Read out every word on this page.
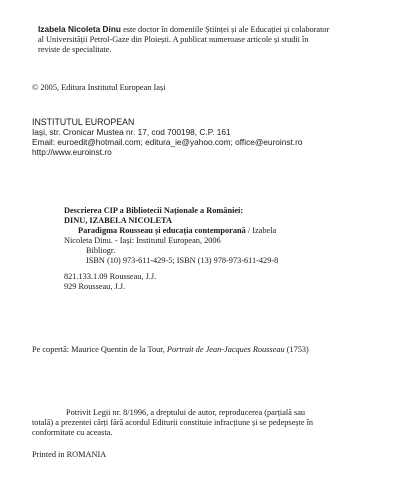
Izabela Nicoleta Dinu este doctor în domeniile Științei și ale Educației și colaborator
al Universității Petrol-Gaze din Ploiești. A publicat numeroase articole și studii în
reviste de specialitate.
© 2005, Editura Institutul European Iași
INSTITUTUL EUROPEAN
Iași, str. Cronicar Mustea nr. 17, cod 700198, C.P. 161
Email: euroedit@hotmail.com; editura_ie@yahoo.com; office@euroinst.ro
http://www.euroinst.ro
Descrierea CIP a Bibliotecii Naționale a României:
DINU, IZABELA NICOLETA
Paradigma Rousseau și educația contemporană / Izabela
Nicoleta Dinu. - Iași: Institutul European, 2006
Bibliogr.
ISBN (10) 973-611-429-5; ISBN (13) 978-973-611-429-8
821.133.1.09 Rousseau, J.J.
929 Rousseau, J.J.
Pe copertă: Maurice Quentin de la Tour, Portrait de Jean-Jacques Rousseau (1753)
Potrivit Legii nr. 8/1996, a dreptului de autor, reproducerea (parțială sau
totală) a prezentei cărți fără acordul Editurii constituie infracțiune și se pedepsește în
conformitate cu aceasta.
Printed in ROMANIA
